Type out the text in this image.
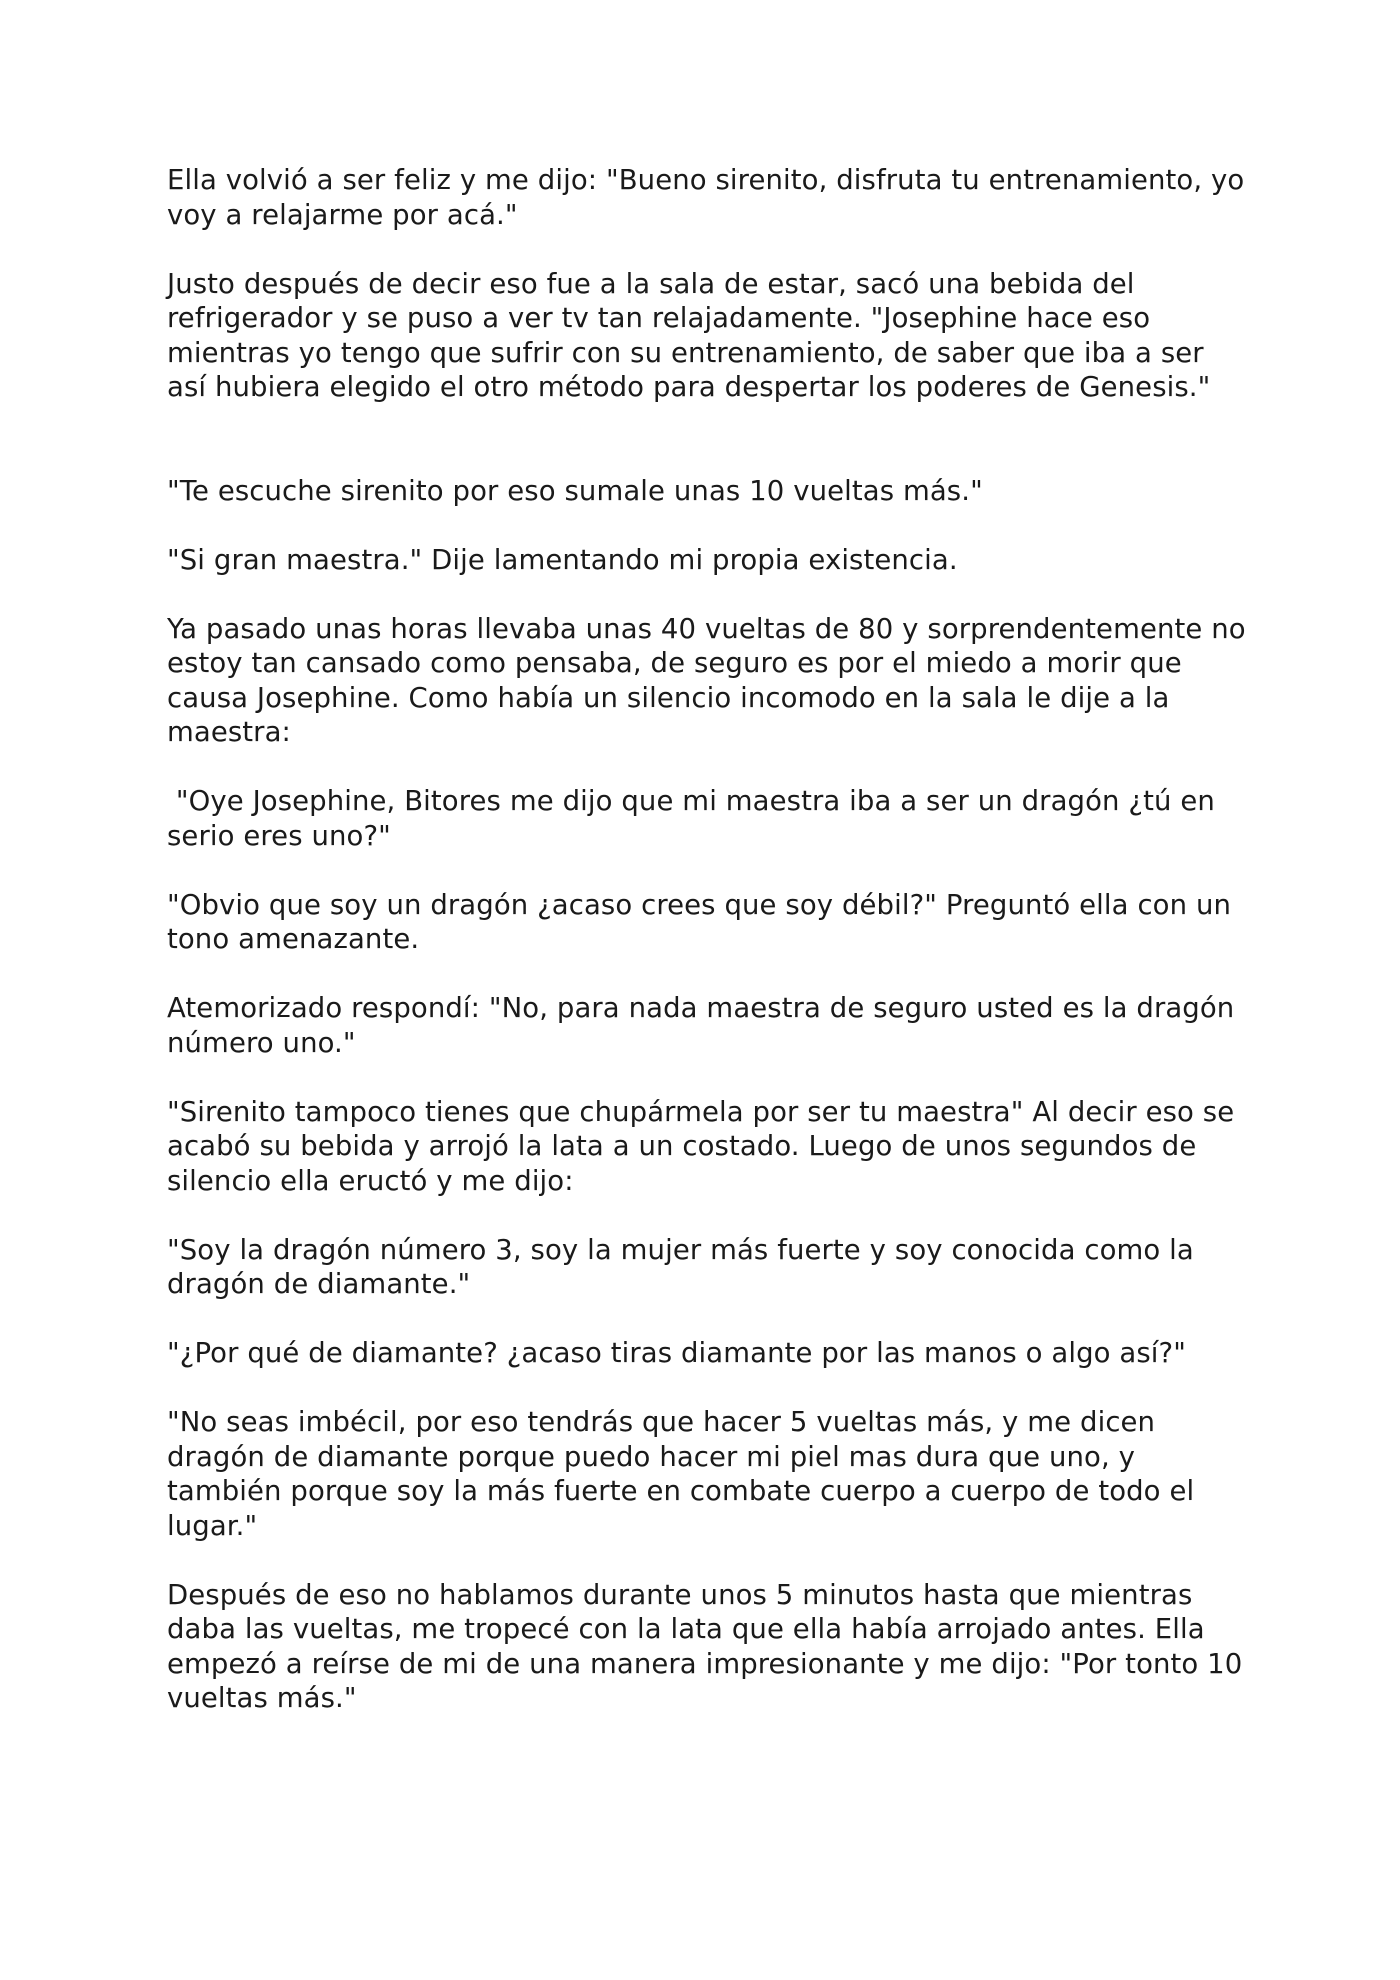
Ella volvió a ser feliz y me dijo: "Bueno sirenito, disfruta tu entrenamiento, yo voy a relajarme por acá."

Justo después de decir eso fue a la sala de estar, sacó una bebida del refrigerador y se puso a ver tv tan relajadamente. "Josephine hace eso mientras yo tengo que sufrir con su entrenamiento, de saber que iba a ser así hubiera elegido el otro método para despertar los poderes de Genesis."

"Te escuche sirenito por eso sumale unas 10 vueltas más."

"Si gran maestra." Dije lamentando mi propia existencia.

Ya pasado unas horas llevaba unas 40 vueltas de 80 y sorprendentemente no estoy tan cansado como pensaba, de seguro es por el miedo a morir que causa Josephine. Como había un silencio incomodo en la sala le dije a la maestra:

"Oye Josephine, Bitores me dijo que mi maestra iba a ser un dragón ¿tú en serio eres uno?"

"Obvio que soy un dragón ¿acaso crees que soy débil?" Preguntó ella con un tono amenazante.

Atemorizado respondí: "No, para nada maestra de seguro usted es la dragón número uno."

"Sirenito tampoco tienes que chupármela por ser tu maestra" Al decir eso se acabó su bebida y arrojó la lata a un costado. Luego de unos segundos de silencio ella eructó y me dijo:

"Soy la dragón número 3, soy la mujer más fuerte y soy conocida como la dragón de diamante."

"¿Por qué de diamante? ¿acaso tiras diamante por las manos o algo así?"

"No seas imbécil, por eso tendrás que hacer 5 vueltas más, y me dicen dragón de diamante porque puedo hacer mi piel mas dura que uno, y también porque soy la más fuerte en combate cuerpo a cuerpo de todo el lugar."

Después de eso no hablamos durante unos 5 minutos hasta que mientras daba las vueltas, me tropecé con la lata que ella había arrojado antes. Ella empezó a reírse de mi de una manera impresionante y me dijo: "Por tonto 10 vueltas más."
